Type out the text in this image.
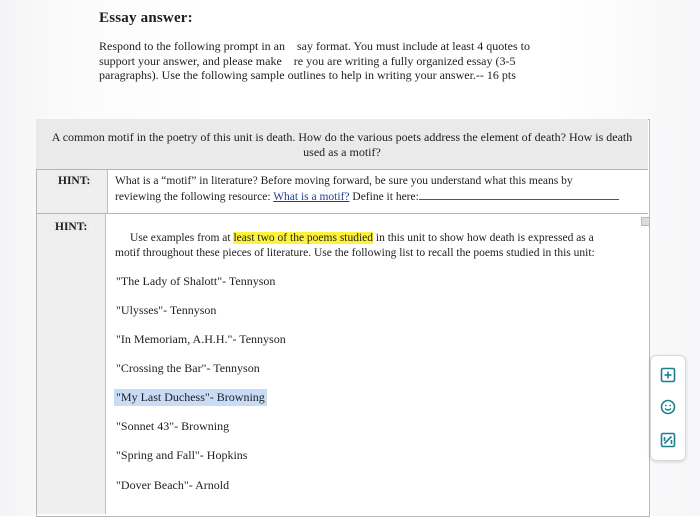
Essay answer:
Respond to the following prompt in an    say format. You must include at least 4 quotes to
support your answer, and please make    re you are writing a fully organized essay (3-5
paragraphs). Use the following sample outlines to help in writing your answer.-- 16 pts
A common motif in the poetry of this unit is death. How do the various poets address the element of death? How is death
used as a motif?
HINT:
HINT:
What is a “motif” in literature? Before moving forward, be sure you understand what this means by
reviewing the following resource: What is a motif? Define it here:
Use examples from at least two of the poems studied in this unit to show how death is expressed as a
motif throughout these pieces of literature. Use the following list to recall the poems studied in this unit:
"The Lady of Shalott"- Tennyson
"Ulysses"- Tennyson
"In Memoriam, A.H.H."- Tennyson
"Crossing the Bar"- Tennyson
"My Last Duchess"- Browning
"Sonnet 43"- Browning
"Spring and Fall"- Hopkins
"Dover Beach"- Arnold
